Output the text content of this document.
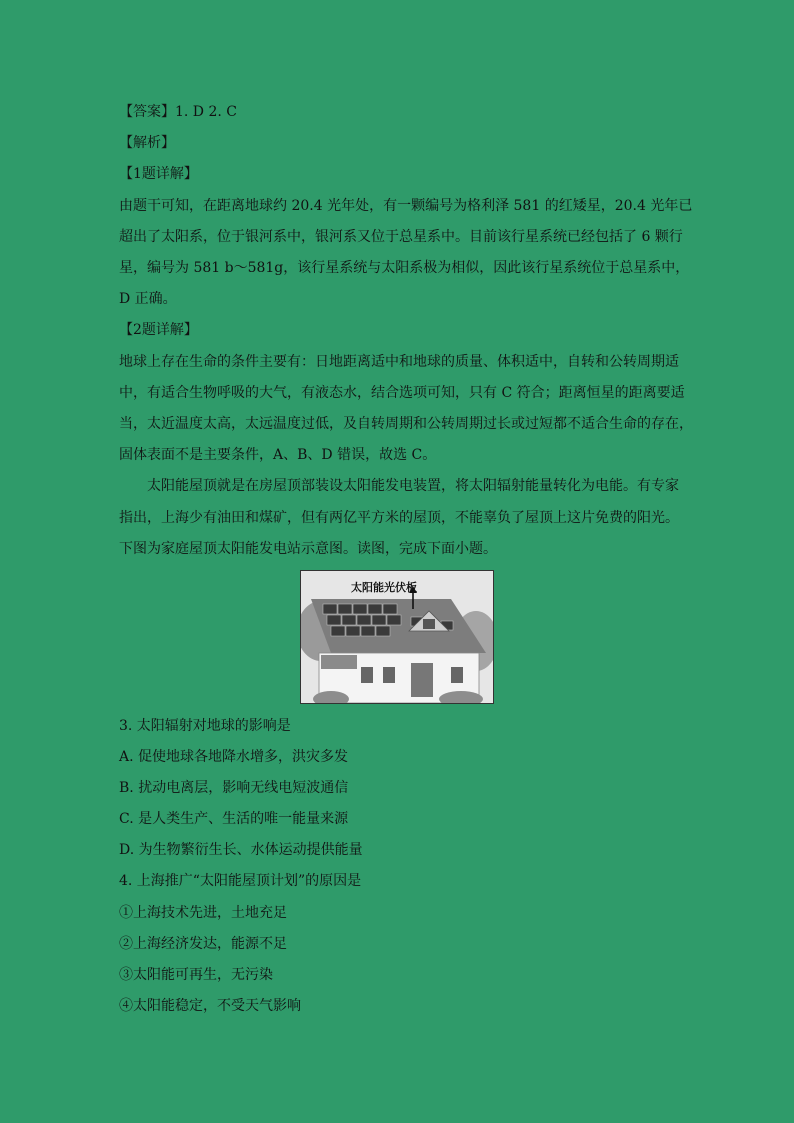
【答案】1. D 2. C
【解析】
【1题详解】
由题干可知，在距离地球约 20.4 光年处，有一颗编号为格利泽 581 的红矮星，20.4 光年已
超出了太阳系，位于银河系中，银河系又位于总星系中。目前该行星系统已经包括了 6 颗行
星，编号为 581 b～581g，该行星系统与太阳系极为相似，因此该行星系统位于总星系中，
D 正确。
【2题详解】
地球上存在生命的条件主要有：日地距离适中和地球的质量、体积适中，自转和公转周期适
中，有适合生物呼吸的大气，有液态水，结合选项可知，只有 C 符合；距离恒星的距离要适
当，太近温度太高，太远温度过低，及自转周期和公转周期过长或过短都不适合生命的存在，
固体表面不是主要条件，A、B、D 错误，故选 C。
太阳能屋顶就是在房屋顶部装设太阳能发电装置，将太阳辐射能量转化为电能。有专家
指出，上海少有油田和煤矿，但有两亿平方米的屋顶，不能辜负了屋顶上这片免费的阳光。
下图为家庭屋顶太阳能发电站示意图。读图，完成下面小题。
太阳能光伏板
3. 太阳辐射对地球的影响是
A. 促使地球各地降水增多，洪灾多发
B. 扰动电离层，影响无线电短波通信
C. 是人类生产、生活的唯一能量来源
D. 为生物繁衍生长、水体运动提供能量
4. 上海推广“太阳能屋顶计划”的原因是
①上海技术先进，土地充足
②上海经济发达，能源不足
③太阳能可再生，无污染
④太阳能稳定，不受天气影响
